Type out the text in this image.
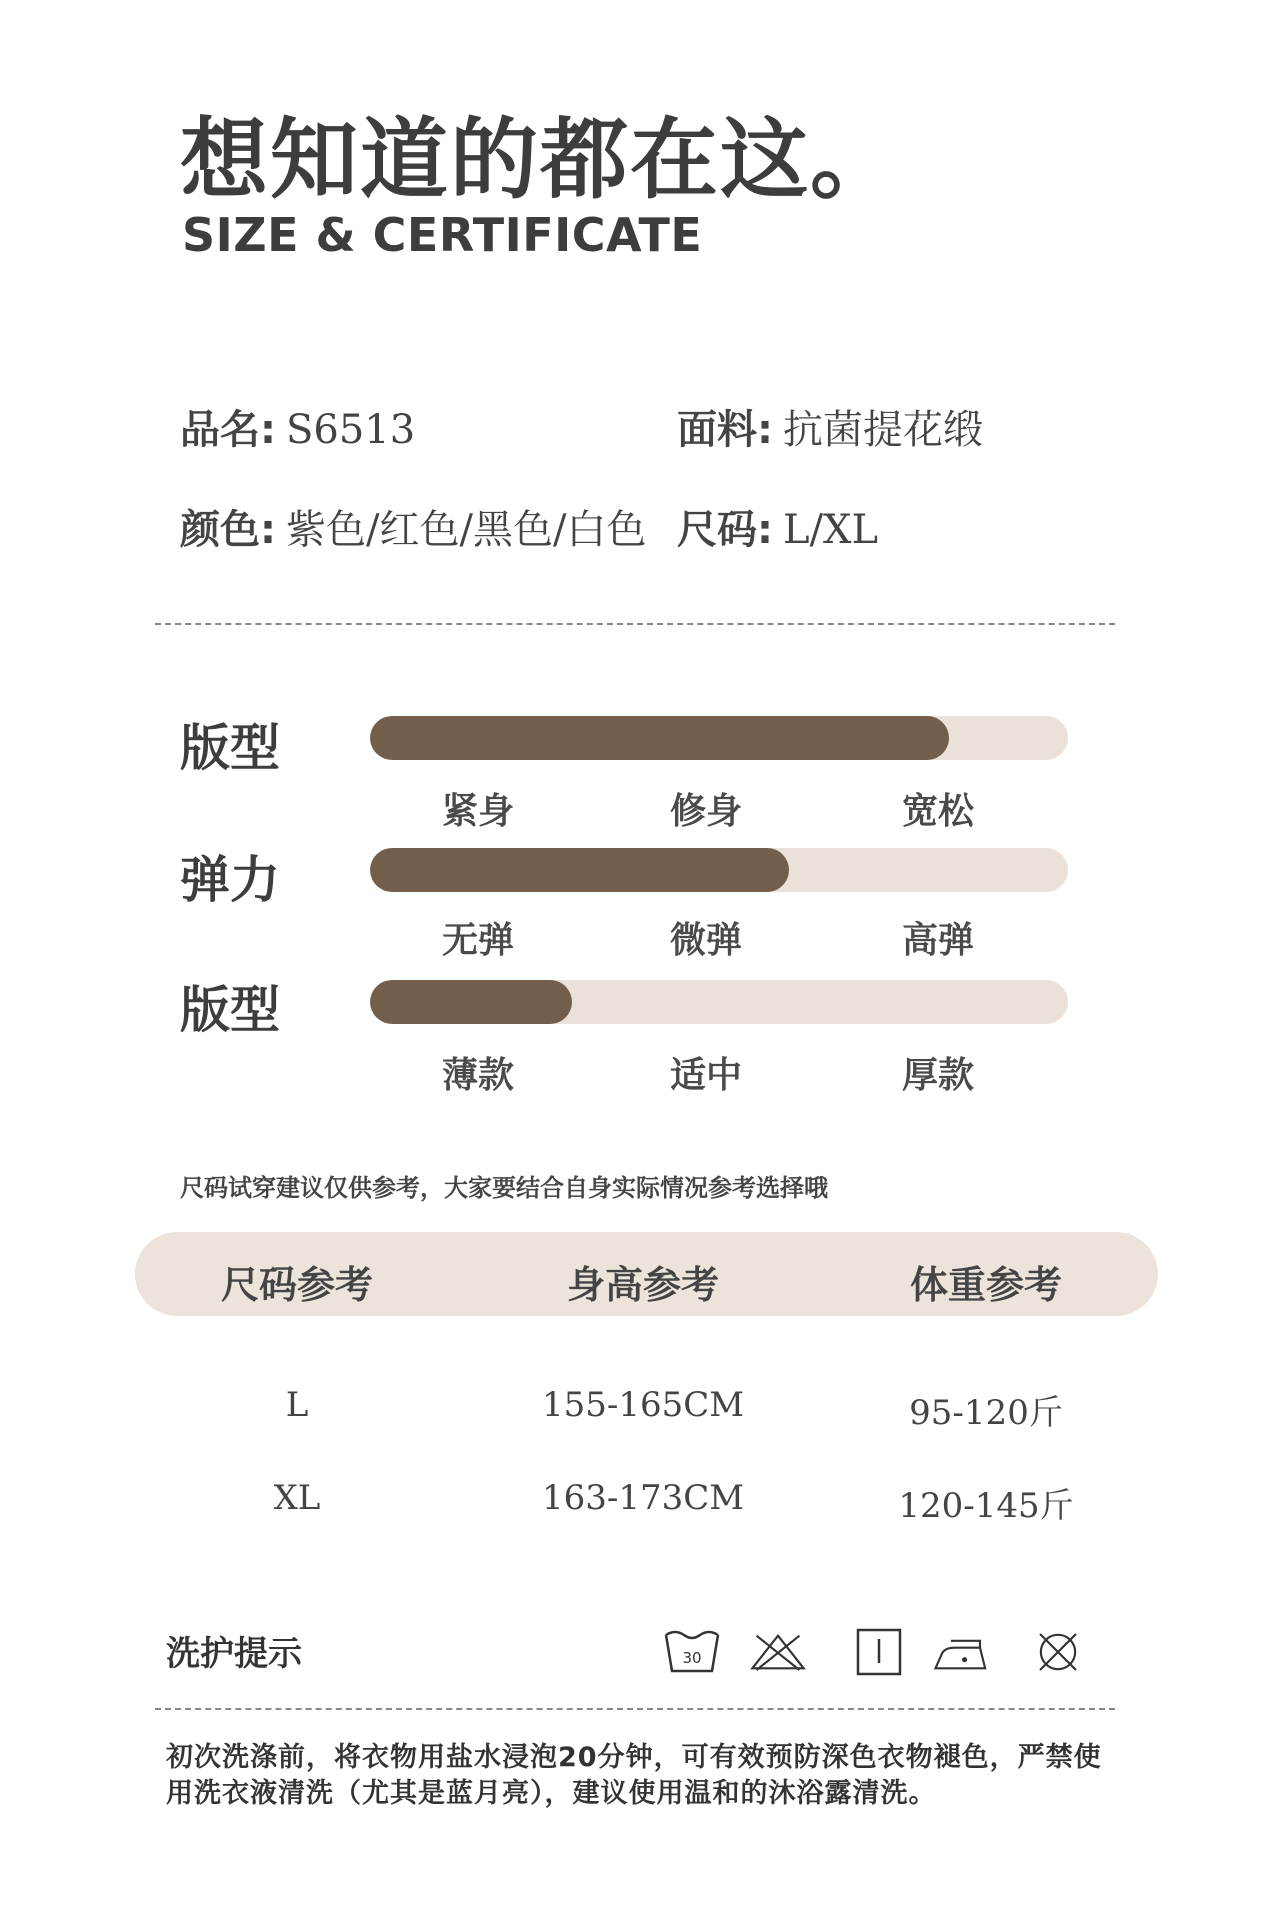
想知道的都在这。
SIZE & CERTIFICATE
品名: S6513	面料: 抗菌提花缎
颜色: 紫色/红色/黑色/白色 尺码: L/XL
版型
紧身	修身	宽松
弹力
无弹	微弹	高弹
版型
薄款	适中	厚款
尺码试穿建议仅供参考，大家要结合自身实际情况参考选择哦
尺码参考	身高参考	体重参考
L	155-165CM	95-120斤
XL	163-173CM	120-145斤
洗护提示	30
初次洗涤前，将衣物用盐水浸泡20分钟，可有效预防深色衣物褪色，严禁使用洗衣液清洗（尤其是蓝月亮），建议使用温和的沐浴露清洗。
